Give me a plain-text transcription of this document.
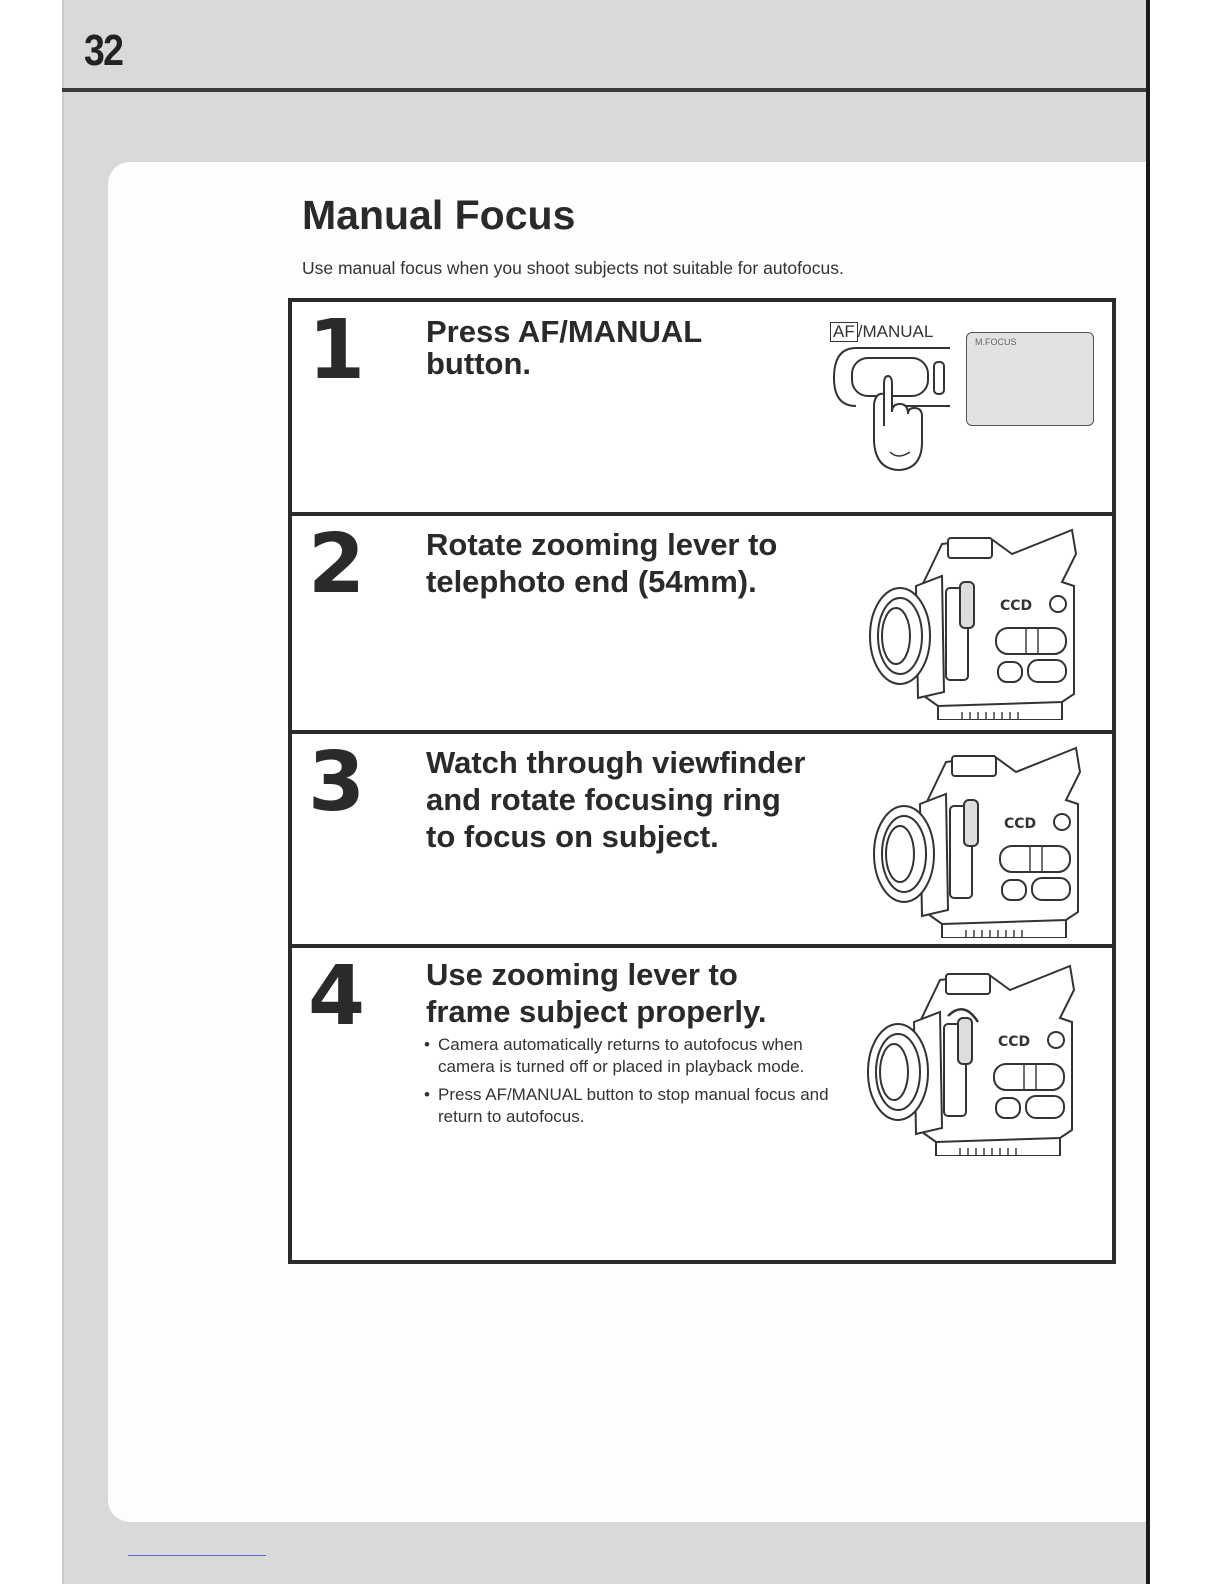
32
Manual Focus

Use manual focus when you shoot subjects not suitable for autofocus.

1 Press AF/MANUAL
button.

AF /MANUAL
M.FOCUS
2 Rotate zooming lever to
telephoto end (54mm).

CCD
3 Watch through viewfinder
and rotate focusing ring
to focus on subject.	CCD
4 Use zooming lever to
frame subject properly.

• Camera automatically returns to autofocus when camera is turned off or placed in playback mode.
• Press AF/MANUAL button to stop manual focus and return to autofocus.
CCD
